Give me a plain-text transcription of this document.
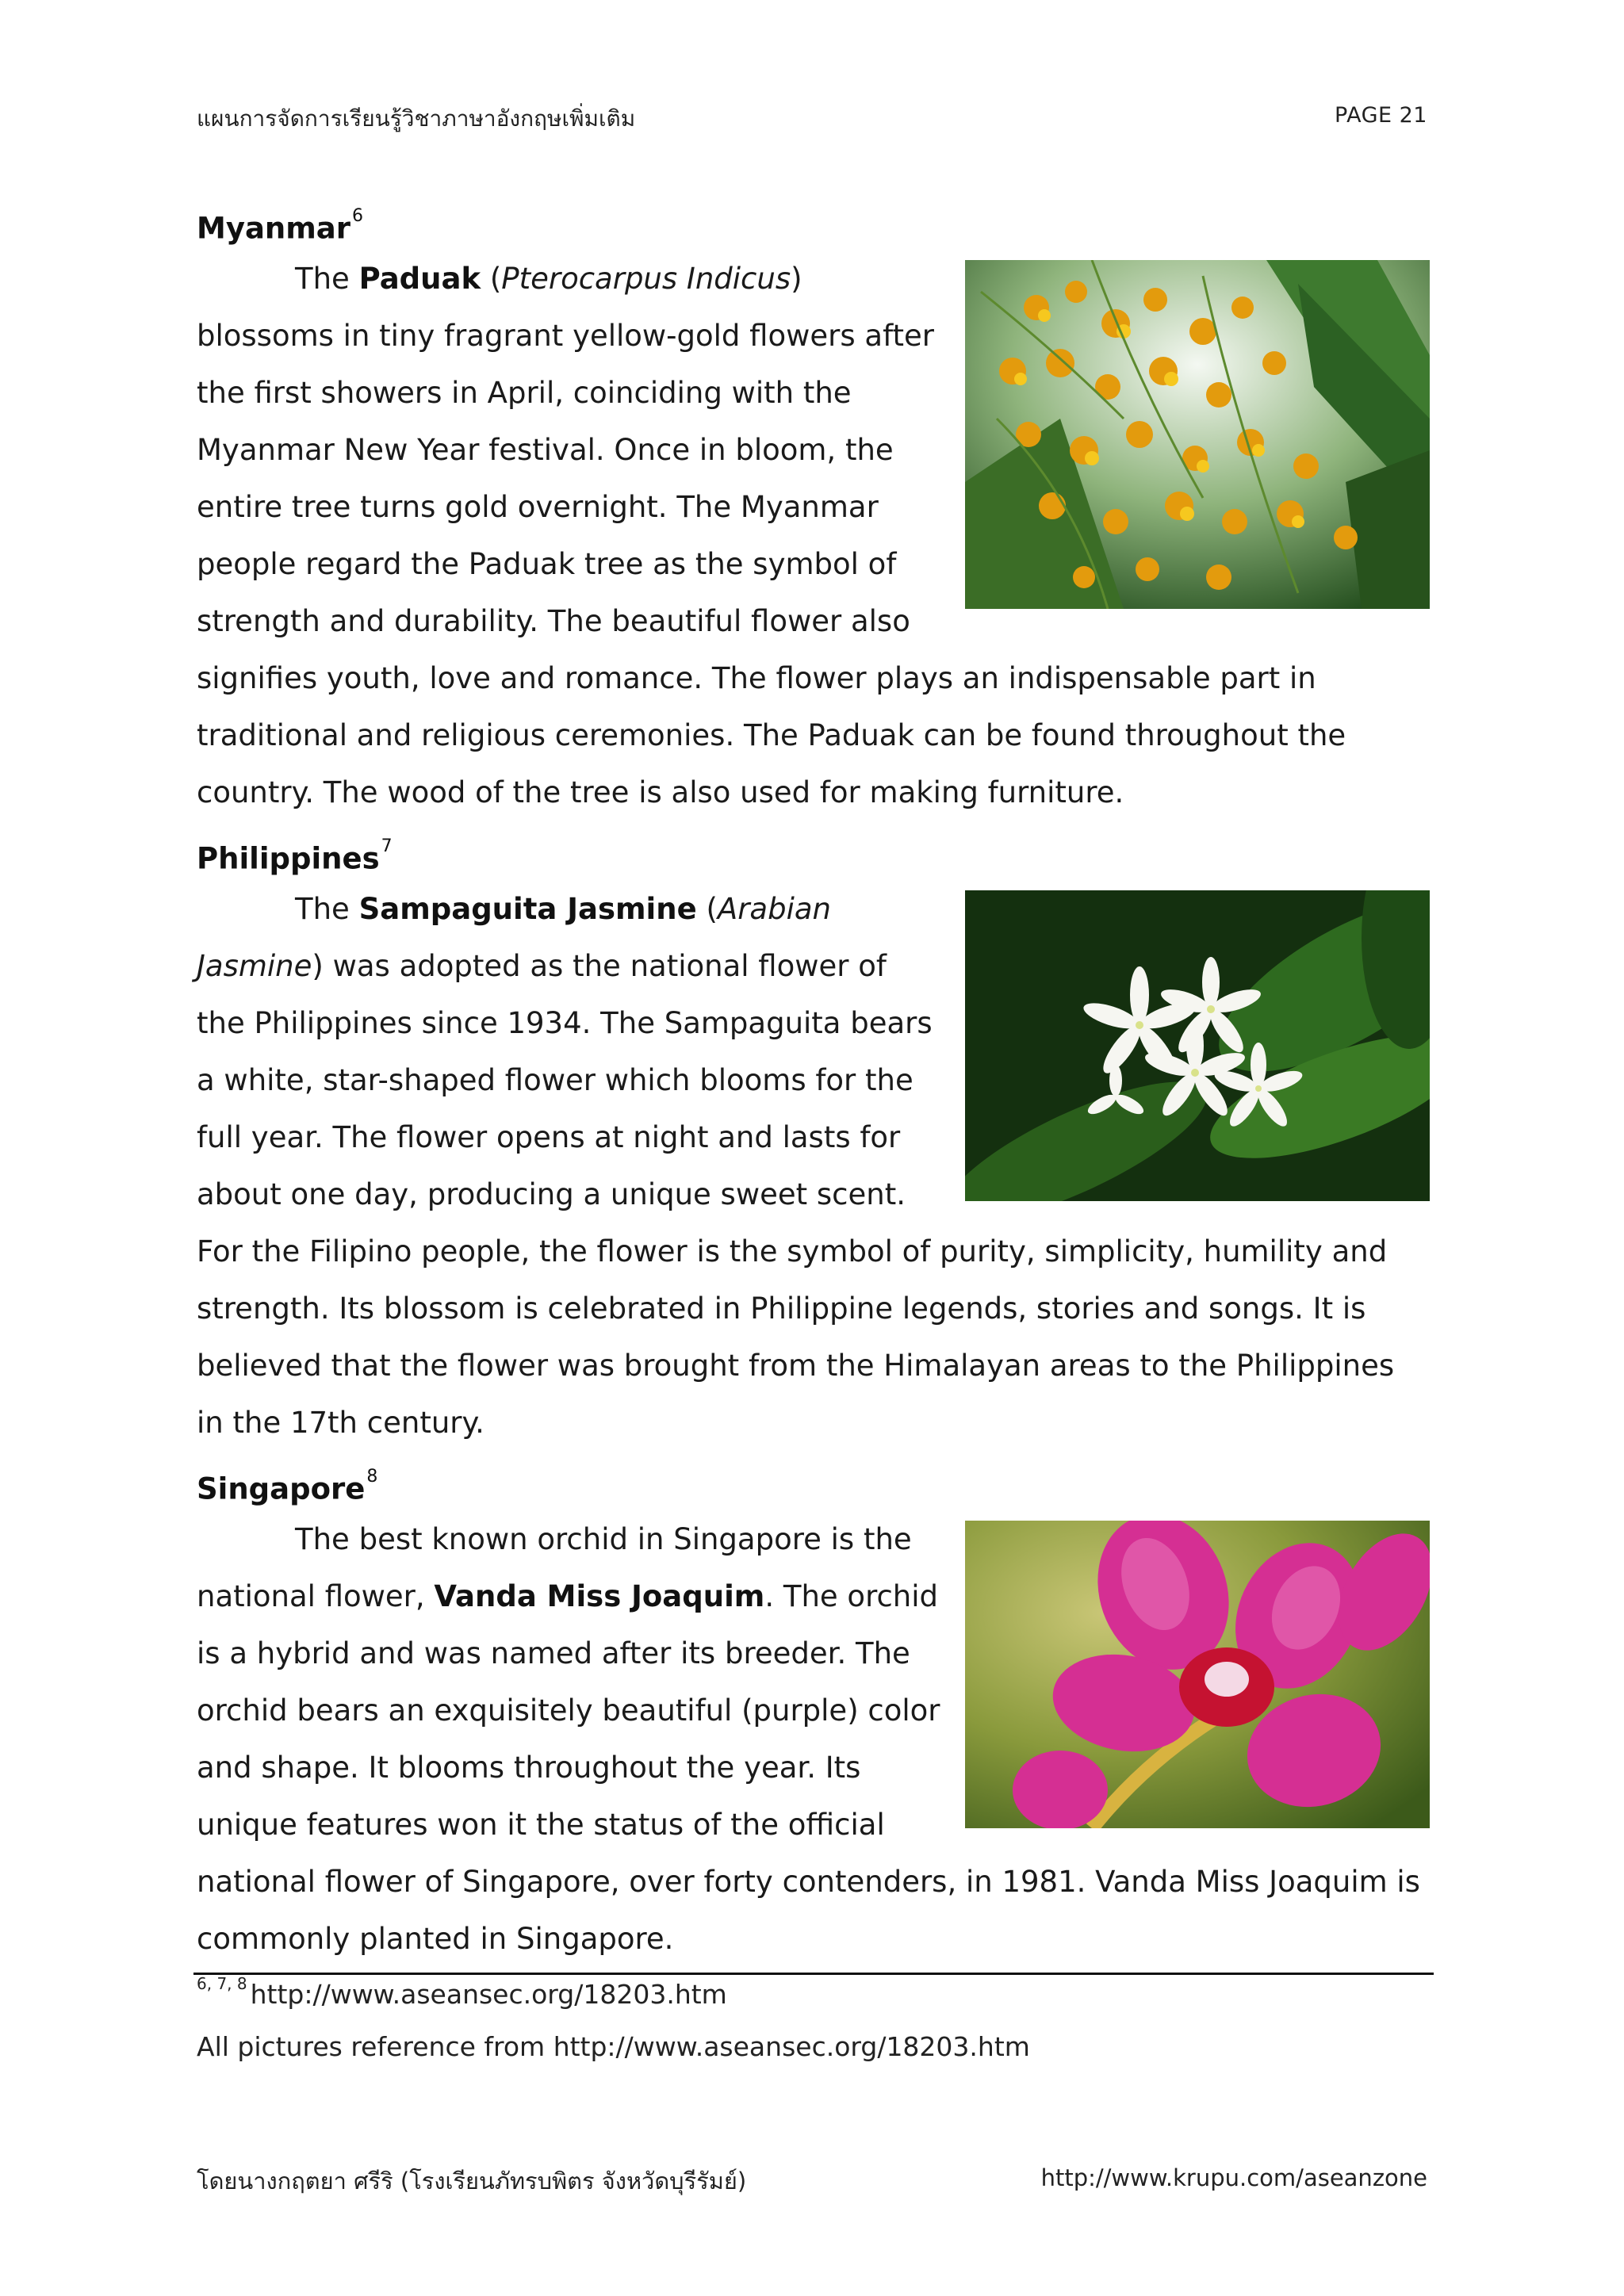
แผนการจัดการเรียนรู้วิชาภาษาอังกฤษเพิ่มเติม	PAGE 21
Myanmar$^6$
The Paduak (Pterocarpus Indicus) blossoms in tiny fragrant yellow-gold flowers after the first showers in April, coinciding with the Myanmar New Year festival. Once in bloom, the entire tree turns gold overnight. The Myanmar people regard the Paduak tree as the symbol of strength and durability. The beautiful flower also signifies youth, love and romance. The flower plays an indispensable part in traditional and religious ceremonies. The Paduak can be found throughout the country. The wood of the tree is also used for making furniture.
Philippines$^7$
The Sampaguita Jasmine (Arabian Jasmine) was adopted as the national flower of the Philippines since 1934. The Sampaguita bears a white, star-shaped flower which blooms for the full year. The flower opens at night and lasts for about one day, producing a unique sweet scent. For the Filipino people, the flower is the symbol of purity, simplicity, humility and strength. Its blossom is celebrated in Philippine legends, stories and songs. It is believed that the flower was brought from the Himalayan areas to the Philippines in the 17th century.
Singapore$^8$
The best known orchid in Singapore is the national flower, Vanda Miss Joaquim. The orchid is a hybrid and was named after its breeder. The orchid bears an exquisitely beautiful (purple) color and shape. It blooms throughout the year. Its unique features won it the status of the official national flower of Singapore, over forty contenders, in 1981. Vanda Miss Joaquim is commonly planted in Singapore.
$^{6, 7, 8}$ http://www.aseansec.org/18203.htm
All pictures reference from http://www.aseansec.org/18203.htm
โดยนางกฤตยา ศรีริ (โรงเรียนภัทรบพิตร จังหวัดบุรีรัมย์)	http://www.krupu.com/aseanzone
